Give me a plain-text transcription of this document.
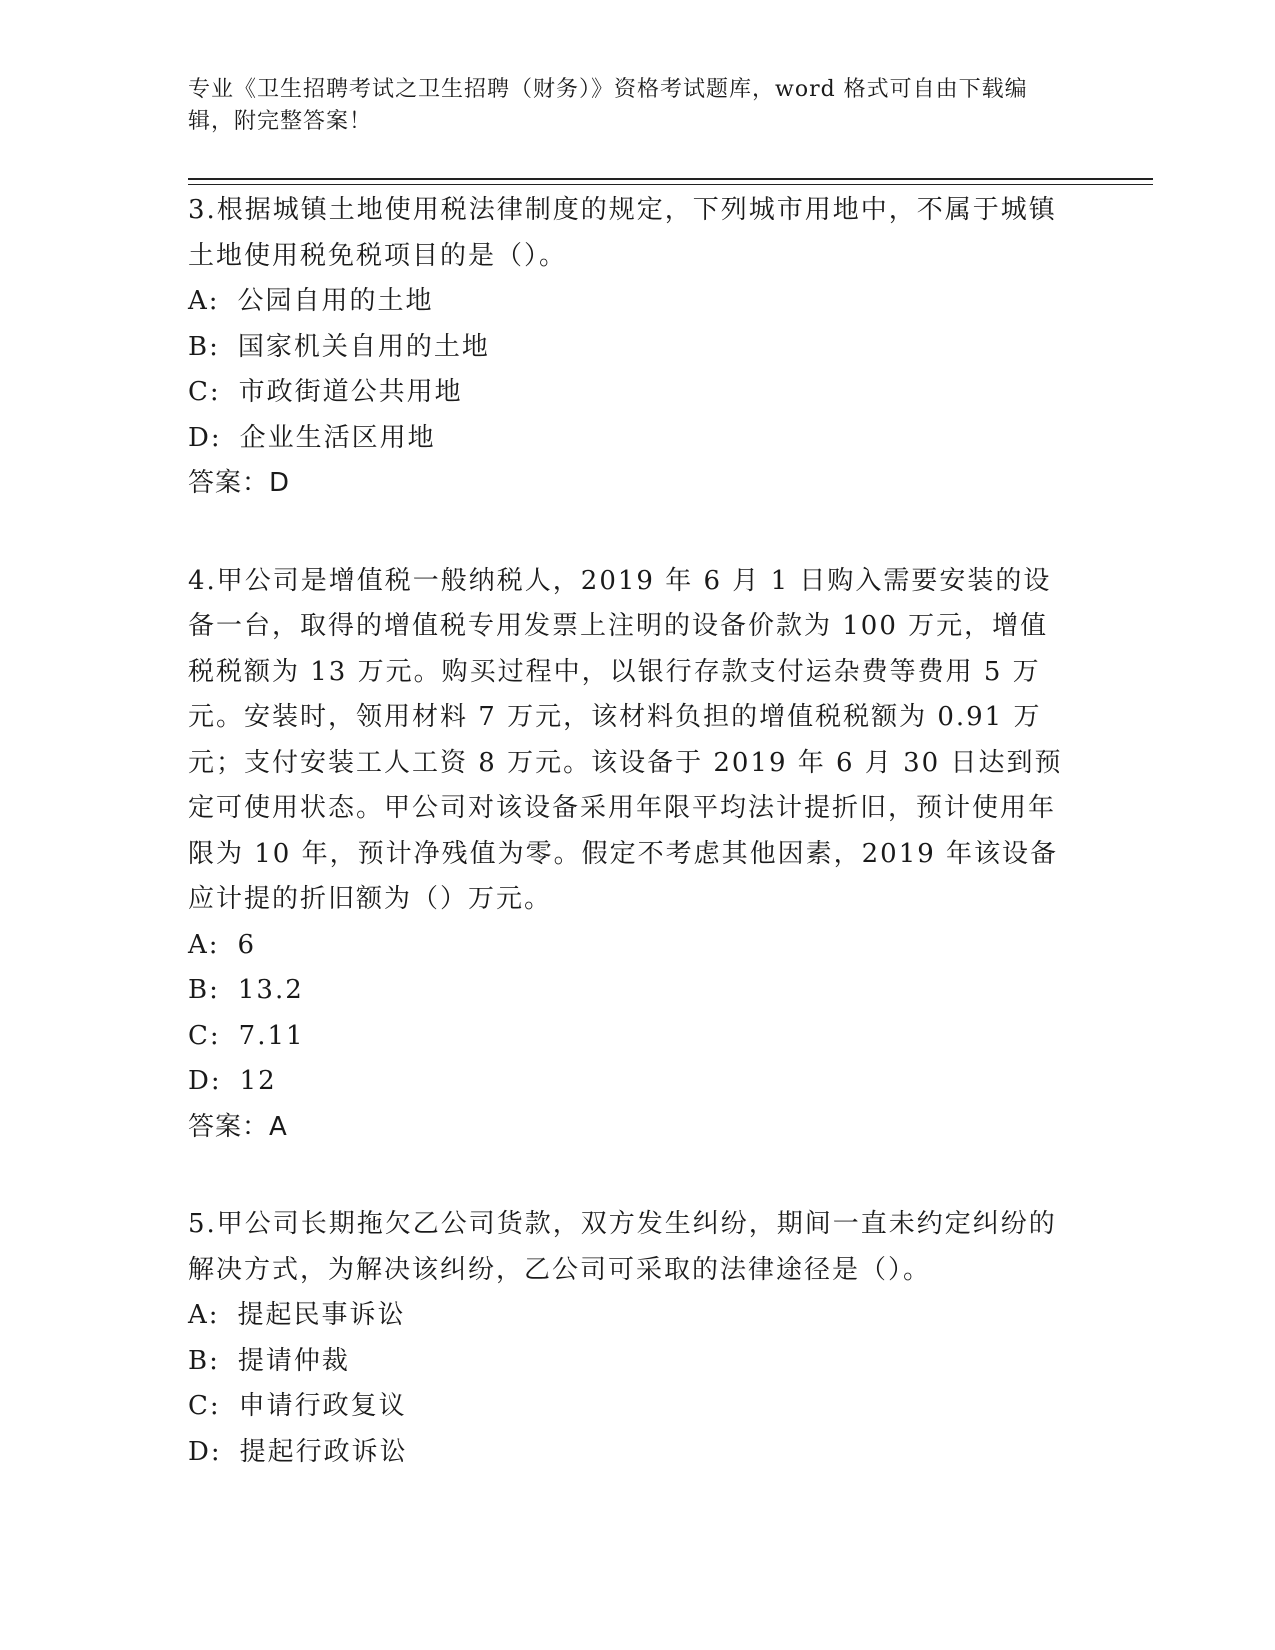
专业《卫生招聘考试之卫生招聘（财务）》资格考试题库，word 格式可自由下载编辑，附完整答案！
3.根据城镇土地使用税法律制度的规定，下列城市用地中，不属于城镇土地使用税免税项目的是（）。
A: 公园自用的土地
B: 国家机关自用的土地
C: 市政街道公共用地
D: 企业生活区用地
答案：D
4.甲公司是增值税一般纳税人，2019 年 6 月 1 日购入需要安装的设备一台，取得的增值税专用发票上注明的设备价款为 100 万元，增值税税额为 13 万元。购买过程中，以银行存款支付运杂费等费用 5 万元。安装时，领用材料 7 万元，该材料负担的增值税税额为 0.91 万元；支付安装工人工资 8 万元。该设备于 2019 年 6 月 30 日达到预定可使用状态。甲公司对该设备采用年限平均法计提折旧，预计使用年限为 10 年，预计净残值为零。假定不考虑其他因素，2019 年该设备应计提的折旧额为（）万元。
A: 6
B: 13.2
C: 7.11
D: 12
答案：A
5.甲公司长期拖欠乙公司货款，双方发生纠纷，期间一直未约定纠纷的解决方式，为解决该纠纷，乙公司可采取的法律途径是（）。
A: 提起民事诉讼
B: 提请仲裁
C: 申请行政复议
D: 提起行政诉讼
